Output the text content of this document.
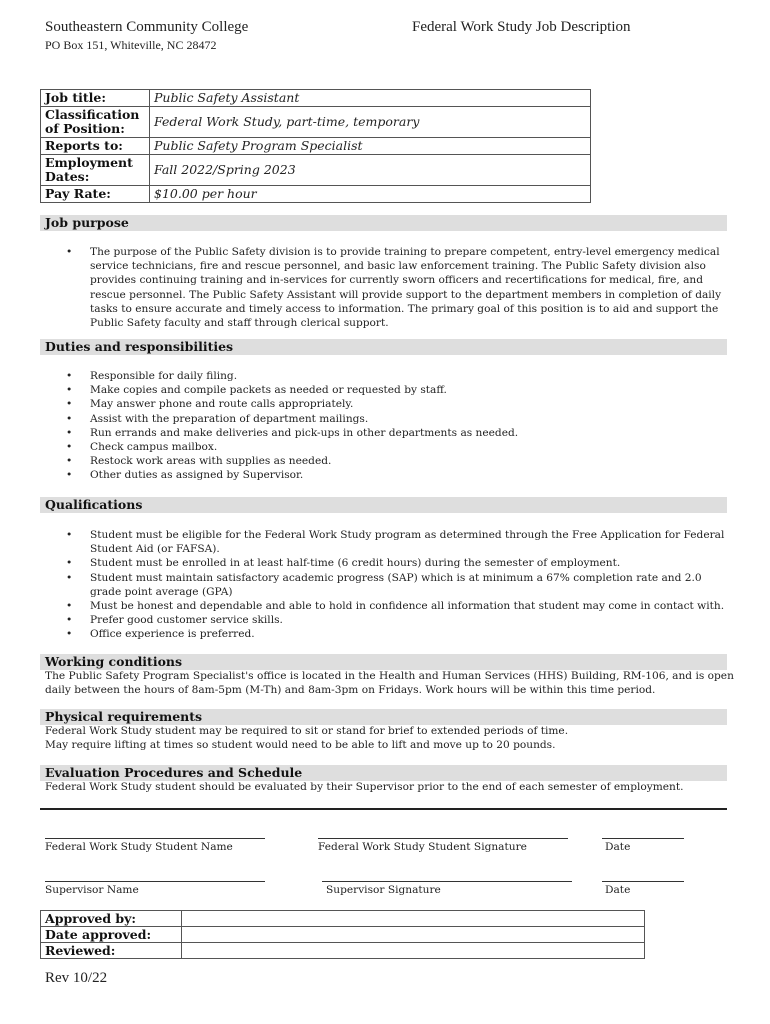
Southeastern Community College
PO Box 151, Whiteville, NC 28472
Federal Work Study Job Description
Job title:	Public Safety Assistant
Classification of Position:	Federal Work Study, part-time, temporary
Reports to:	Public Safety Program Specialist
Employment Dates:	Fall 2022/Spring 2023
Pay Rate:	$10.00 per hour
Job purpose
• The purpose of the Public Safety division is to provide training to prepare competent, entry-level emergency medical service technicians, fire and rescue personnel, and basic law enforcement training. The Public Safety division also provides continuing training and in-services for currently sworn officers and recertifications for medical, fire, and rescue personnel. The Public Safety Assistant will provide support to the department members in completion of daily tasks to ensure accurate and timely access to information. The primary goal of this position is to aid and support the Public Safety faculty and staff through clerical support.
Duties and responsibilities
• Responsible for daily filing.
• Make copies and compile packets as needed or requested by staff.
• May answer phone and route calls appropriately.
• Assist with the preparation of department mailings.
• Run errands and make deliveries and pick-ups in other departments as needed.
• Check campus mailbox.
• Restock work areas with supplies as needed.
• Other duties as assigned by Supervisor.
Qualifications
• Student must be eligible for the Federal Work Study program as determined through the Free Application for Federal Student Aid (or FAFSA).
• Student must be enrolled in at least half-time (6 credit hours) during the semester of employment.
• Student must maintain satisfactory academic progress (SAP) which is at minimum a 67% completion rate and 2.0 grade point average (GPA)
• Must be honest and dependable and able to hold in confidence all information that student may come in contact with.
• Prefer good customer service skills.
• Office experience is preferred.
Working conditions
The Public Safety Program Specialist's office is located in the Health and Human Services (HHS) Building, RM-106, and is open daily between the hours of 8am-5pm (M-Th) and 8am-3pm on Fridays. Work hours will be within this time period.
Physical requirements
Federal Work Study student may be required to sit or stand for brief to extended periods of time.
May require lifting at times so student would need to be able to lift and move up to 20 pounds.
Evaluation Procedures and Schedule
Federal Work Study student should be evaluated by their Supervisor prior to the end of each semester of employment.
Federal Work Study Student Name	Federal Work Study Student Signature	Date
Supervisor Name	Supervisor Signature	Date
Approved by:	
Date approved:	
Reviewed:	
Rev 10/22
